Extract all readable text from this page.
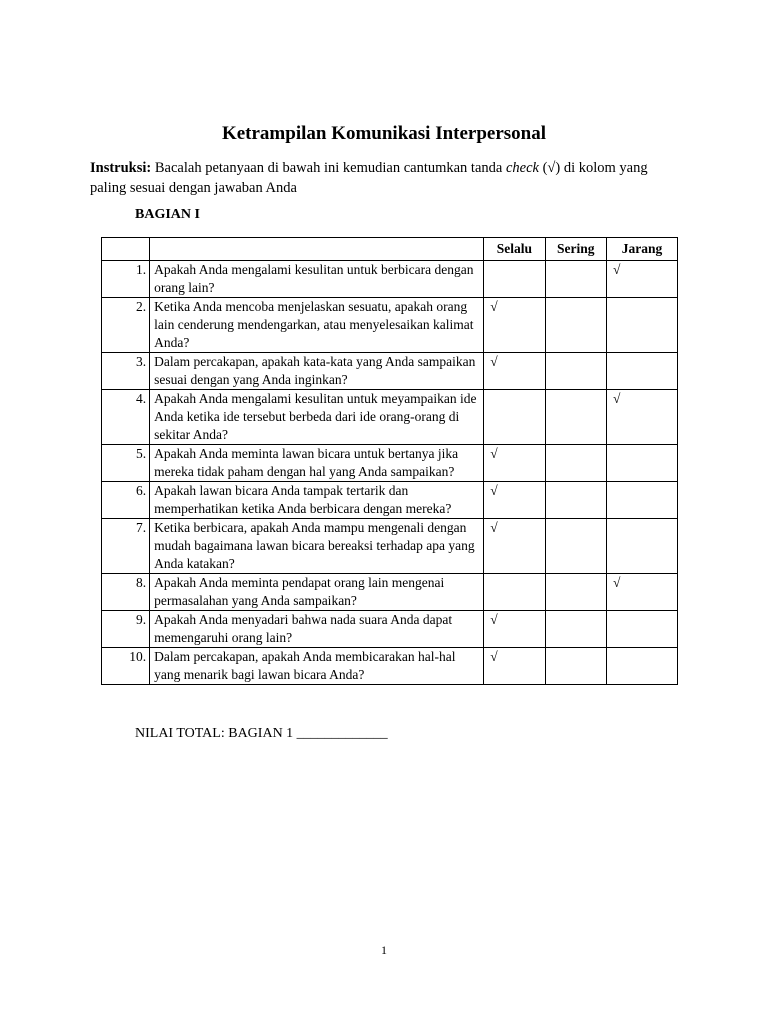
Ketrampilan Komunikasi Interpersonal
Instruksi: Bacalah petanyaan di bawah ini kemudian cantumkan tanda check (√) di kolom yang paling sesuai dengan jawaban Anda
BAGIAN I
		Selalu	Sering	Jarang
1.	Apakah Anda mengalami kesulitan untuk berbicara dengan orang lain?			√
2.	Ketika Anda mencoba menjelaskan sesuatu, apakah orang lain cenderung mendengarkan, atau menyelesaikan kalimat Anda?	√		
3.	Dalam percakapan, apakah kata-kata yang Anda sampaikan sesuai dengan yang Anda inginkan?	√		
4.	Apakah Anda mengalami kesulitan untuk meyampaikan ide Anda ketika ide tersebut berbeda dari ide orang-orang di sekitar Anda?			√
5.	Apakah Anda meminta lawan bicara untuk bertanya jika mereka tidak paham dengan hal yang Anda sampaikan?	√		
6.	Apakah lawan bicara Anda tampak tertarik dan memperhatikan ketika Anda berbicara dengan mereka?	√		
7.	Ketika berbicara, apakah Anda mampu mengenali dengan mudah bagaimana lawan bicara bereaksi terhadap apa yang Anda katakan?	√		
8.	Apakah Anda meminta pendapat orang lain mengenai permasalahan yang Anda sampaikan?			√
9.	Apakah Anda menyadari bahwa nada suara Anda dapat memengaruhi orang lain?	√		
10.	Dalam percakapan, apakah Anda membicarakan hal-hal yang menarik bagi lawan bicara Anda?	√		
NILAI TOTAL: BAGIAN 1 _____________
1
